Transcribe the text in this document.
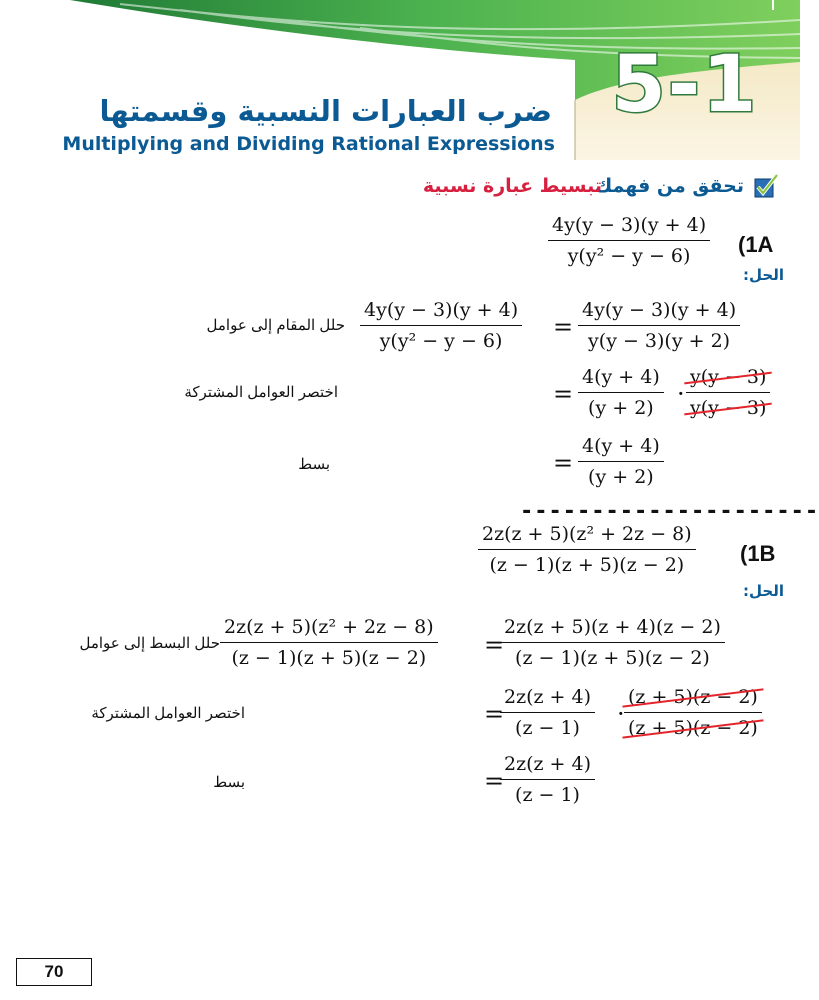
5-1
ضرب العبارات النسبية وقسمتها
Multiplying and Dividing Rational Expressions
تحقق من فهمك
تبسيط عبارة نسبية
(1A
4y(y − 3)(y + 4)
y(y² − y − 6)
الحل:
حلل المقام إلى عوامل
4y(y − 3)(y + 4)
y(y² − y − 6) =
4y(y − 3)(y + 4)
y(y − 3)(y + 2)
اختصر العوامل المشتركة	=
4(y + 4)
(y + 2) ·
y(y − 3)
y(y − 3)
بسط	=
4(y + 4)
(y + 2)
---------------------
(1B
2z(z + 5)(z² + 2z − 8)
(z − 1)(z + 5)(z − 2)
الحل:
حلل البسط إلى عوامل
2z(z + 5)(z² + 2z − 8)
(z − 1)(z + 5)(z − 2) =
2z(z + 5)(z + 4)(z − 2)
(z − 1)(z + 5)(z − 2)
اختصر العوامل المشتركة	=
2z(z + 4)
(z − 1) ·
(z + 5)(z − 2)
(z + 5)(z − 2)
بسط	=
2z(z + 4)
(z − 1)
70
